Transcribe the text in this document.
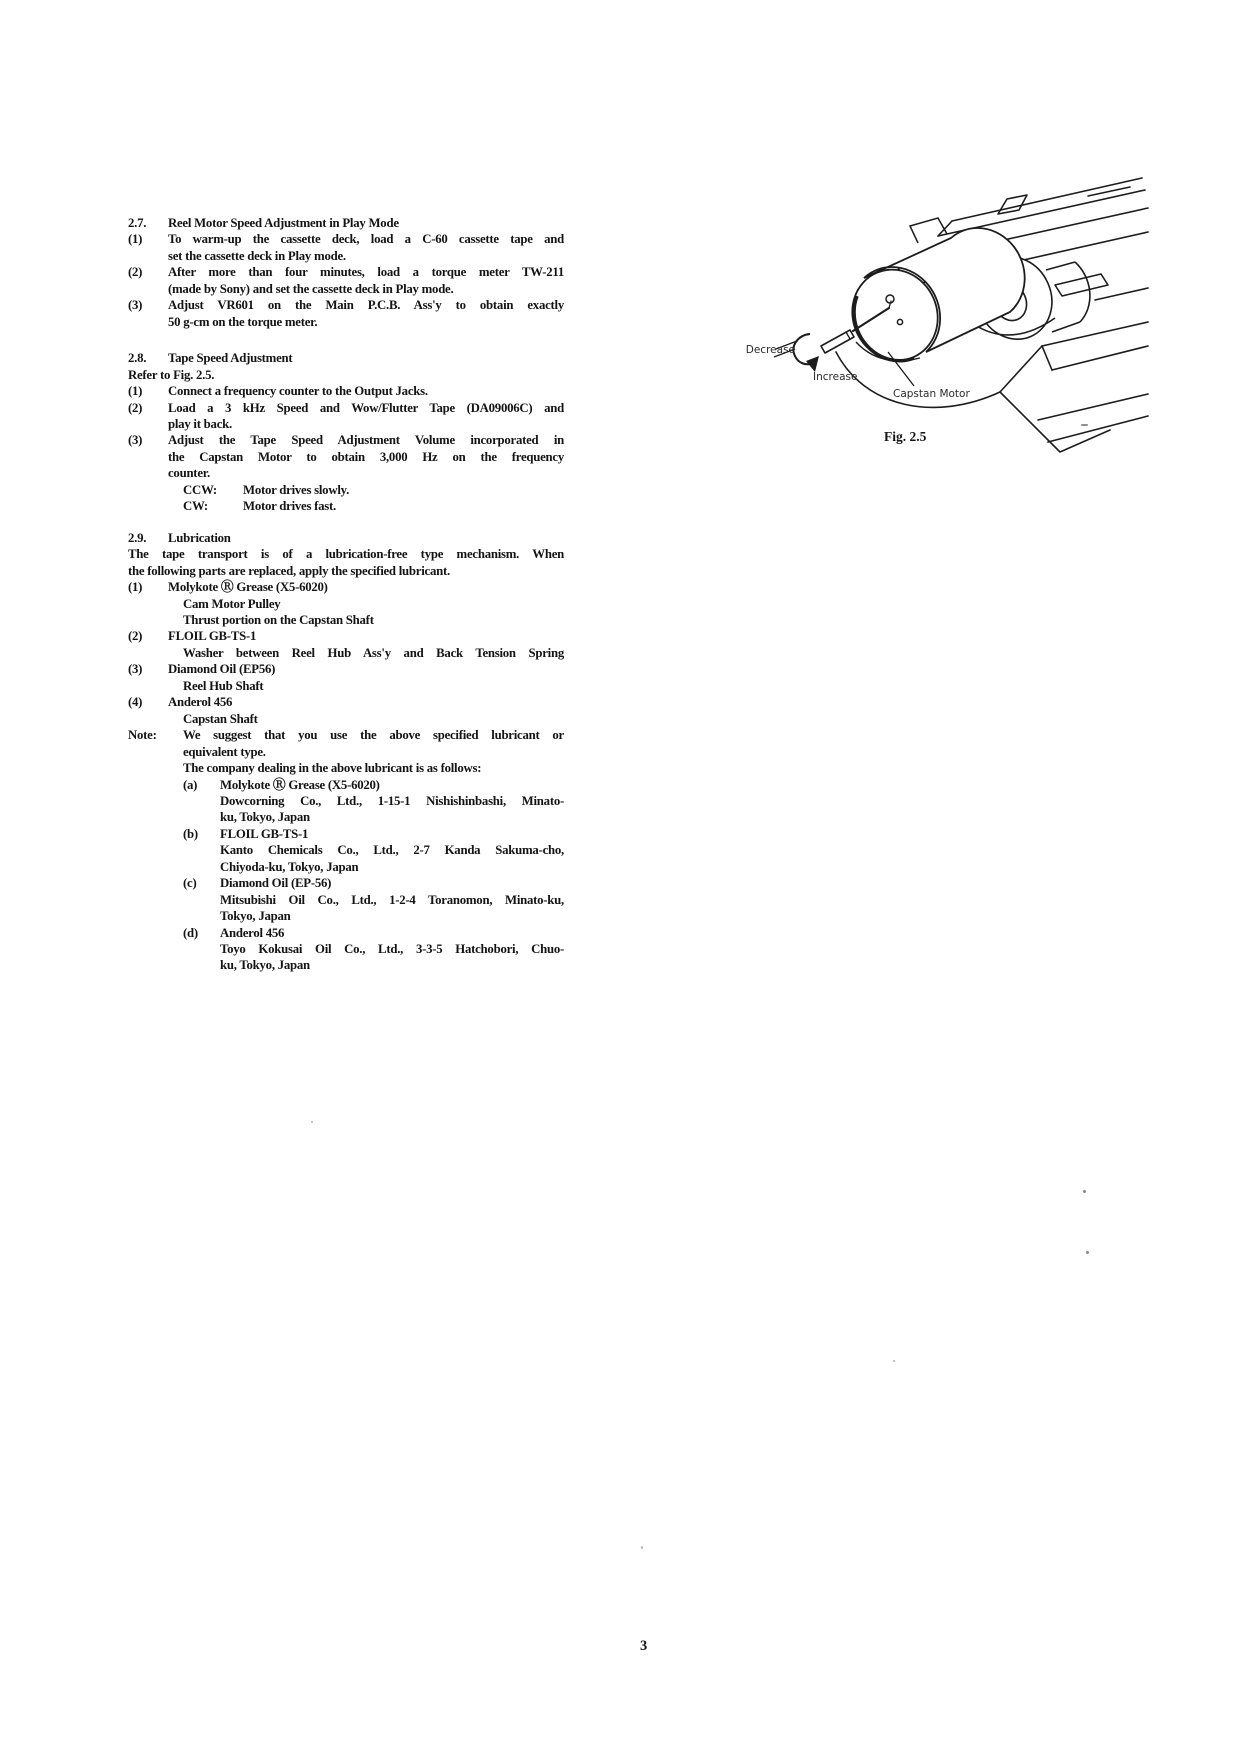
Reel Motor Speed Adjustment in Play Mode
2.7.
To warm-up the cassette deck, load a C-60 cassette tape and
(1)
set the cassette deck in Play mode.
After more than four minutes, load a torque meter TW-211
(2)
(made by Sony) and set the cassette deck in Play mode.
Adjust VR601 on the Main P.C.B. Ass'y to obtain exactly
(3)
50 g-cm on the torque meter.
Tape Speed Adjustment
2.8.
Refer to Fig. 2.5.
Connect a frequency counter to the Output Jacks.
(1)
Load a 3 kHz Speed and Wow/Flutter Tape (DA09006C) and
(2)
play it back.
Adjust the Tape Speed Adjustment Volume incorporated in
(3)
the Capstan Motor to obtain 3,000 Hz on the frequency
counter.
Motor drives slowly.
CCW:
Motor drives fast.
CW:
Lubrication
2.9.
The tape transport is of a lubrication-free type mechanism. When
the following parts are replaced, apply the specified lubricant.
Molykote Ⓡ Grease (X5-6020)
(1)
Cam Motor Pulley
Thrust portion on the Capstan Shaft
FLOIL GB-TS-1
(2)
Washer between Reel Hub Ass'y and Back Tension Spring
Diamond Oil (EP56)
(3)
Reel Hub Shaft
Anderol 456
(4)
Capstan Shaft
We suggest that you use the above specified lubricant or
Note:
equivalent type.
The company dealing in the above lubricant is as follows:
Molykote Ⓡ Grease (X5-6020)
(a)
Dowcorning Co., Ltd., 1-15-1 Nishishinbashi, Minato-
ku, Tokyo, Japan
FLOIL GB-TS-1
(b)
Kanto Chemicals Co., Ltd., 2-7 Kanda Sakuma-cho,
Chiyoda-ku, Tokyo, Japan
Diamond Oil (EP-56)
(c)
Mitsubishi Oil Co., Ltd., 1-2-4 Toranomon, Minato-ku,
Tokyo, Japan
Anderol 456
(d)
Toyo Kokusai Oil Co., Ltd., 3-3-5 Hatchobori, Chuo-
ku, Tokyo, Japan
Decrease
Increase
Capstan Motor
Fig. 2.5
3
